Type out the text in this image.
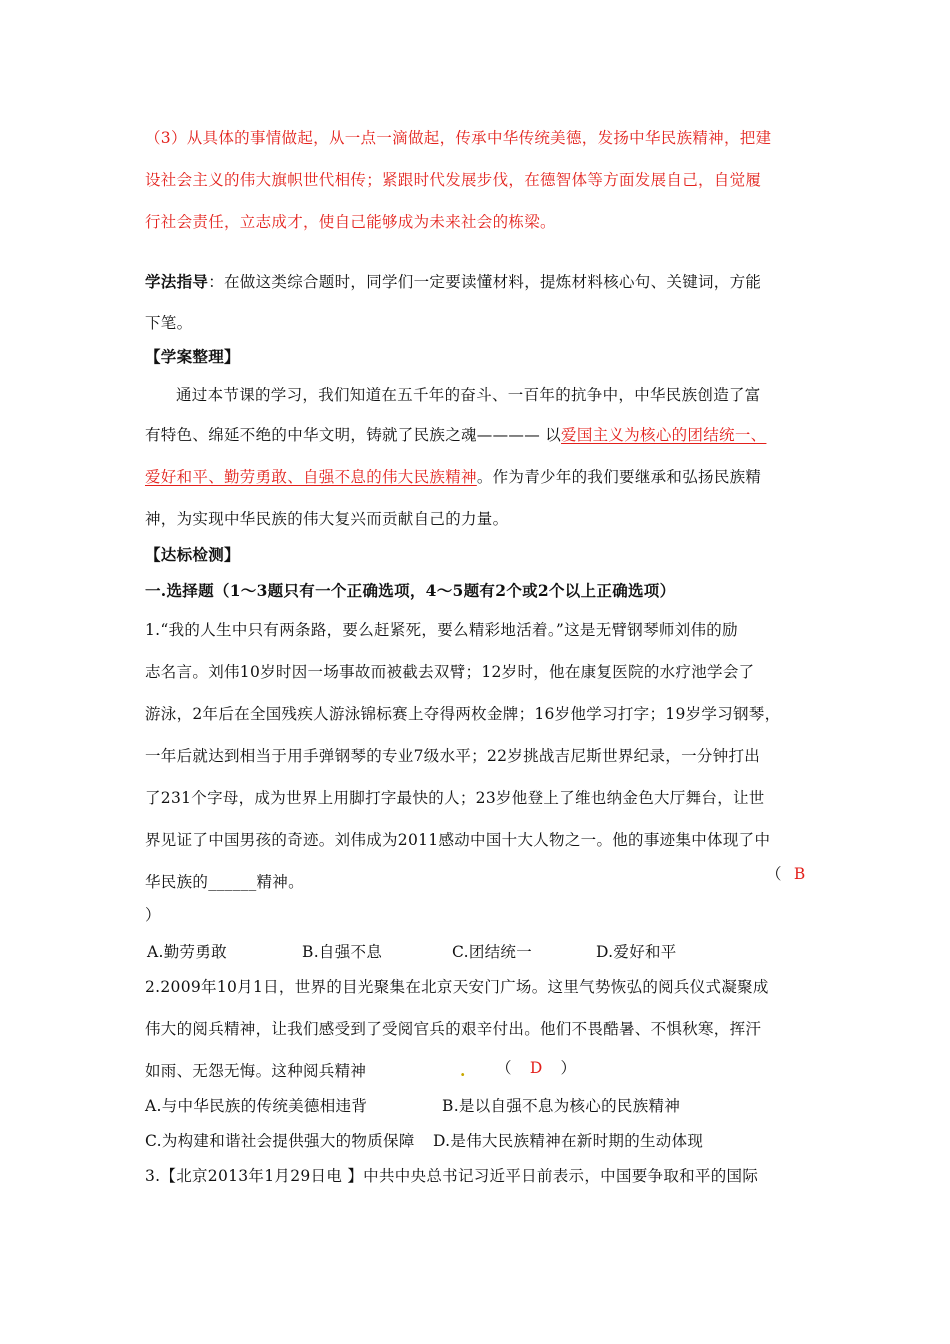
（3）从具体的事情做起，从一点一滴做起，传承中华传统美德，发扬中华民族精神，把建
设社会主义的伟大旗帜世代相传；紧跟时代发展步伐，在德智体等方面发展自己，自觉履
行社会责任，立志成才，使自己能够成为未来社会的栋梁。
学法指导：在做这类综合题时，同学们一定要读懂材料，提炼材料核心句、关键词，方能
下笔。
【学案整理】
通过本节课的学习，我们知道在五千年的奋斗、一百年的抗争中，中华民族创造了富
有特色、绵延不绝的中华文明，铸就了民族之魂———— 以爱国主义为核心的团结统一、
爱好和平、勤劳勇敢、自强不息的伟大民族精神。作为青少年的我们要继承和弘扬民族精
神，为实现中华民族的伟大复兴而贡献自己的力量。
【达标检测】
一.选择题（1～3题只有一个正确选项，4～5题有2个或2个以上正确选项）
1.“我的人生中只有两条路，要么赶紧死，要么精彩地活着。”这是无臂钢琴师刘伟的励
志名言。刘伟10岁时因一场事故而被截去双臂；12岁时，他在康复医院的水疗池学会了
游泳，2年后在全国残疾人游泳锦标赛上夺得两枚金牌；16岁他学习打字；19岁学习钢琴，
一年后就达到相当于用手弹钢琴的专业7级水平；22岁挑战吉尼斯世界纪录，一分钟打出
了231个字母，成为世界上用脚打字最快的人；23岁他登上了维也纳金色大厅舞台，让世
界见证了中国男孩的奇迹。刘伟成为2011感动中国十大人物之一。他的事迹集中体现了中
华民族的______精神。	（ B
）
A.勤劳勇敢	B.自强不息	C.团结统一	D.爱好和平
2.2009年10月1日，世界的目光聚集在北京天安门广场。这里气势恢弘的阅兵仪式凝聚成
伟大的阅兵精神，让我们感受到了受阅官兵的艰辛付出。他们不畏酷暑、不惧秋寒，挥汗
如雨、无怨无悔。这种阅兵精神	. （ D ）
A.与中华民族的传统美德相违背	B.是以自强不息为核心的民族精神
C.为构建和谐社会提供强大的物质保障 D.是伟大民族精神在新时期的生动体现
3.【北京2013年1月29日电 】中共中央总书记习近平日前表示，中国要争取和平的国际
